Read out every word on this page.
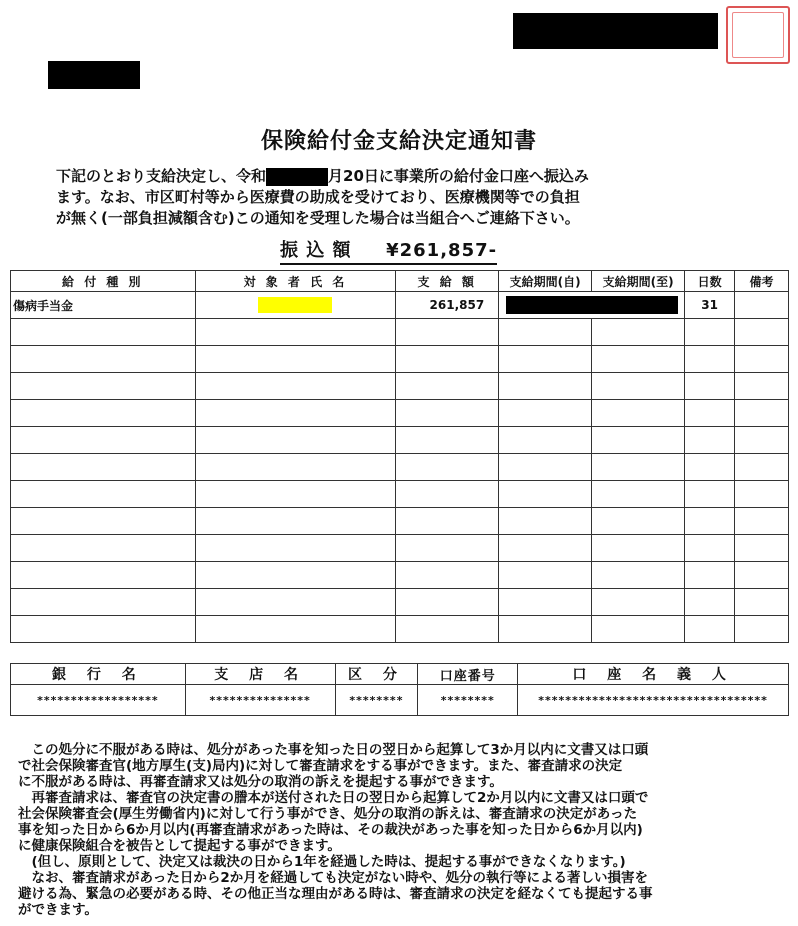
保険給付金支給決定通知書
下記のとおり支給決定し、令和	月20日に事業所の給付金口座へ振込み
ます。なお、市区町村等から医療費の助成を受けており、医療機関等での負担
が無く(一部負担減額含む)この通知を受理した場合は当組合へご連絡下さい。
振 込 額 ¥261,857-
給 付 種 別	対 象 者 氏 名	支 給 額	支給期間(自)	支給期間(至)	日数	備考
傷病手当金		261,857			31	

銀 行 名	支 店 名	区 分	口座番号	口 座 名 義 人
******************	***************	********	********	**********************************
　この処分に不服がある時は、処分があった事を知った日の翌日から起算して3か月以内に文書又は口頭
で社会保険審査官(地方厚生(支)局内)に対して審査請求をする事ができます。また、審査請求の決定
に不服がある時は、再審査請求又は処分の取消の訴えを提起する事ができます。
　再審査請求は、審査官の決定書の謄本が送付された日の翌日から起算して2か月以内に文書又は口頭で
社会保険審査会(厚生労働省内)に対して行う事ができ、処分の取消の訴えは、審査請求の決定があった
事を知った日から6か月以内(再審査請求があった時は、その裁決があった事を知った日から6か月以内)
に健康保険組合を被告として提起する事ができます。
　(但し、原則として、決定又は裁決の日から1年を経過した時は、提起する事ができなくなります。)
　なお、審査請求があった日から2か月を経過しても決定がない時や、処分の執行等による著しい損害を
避ける為、緊急の必要がある時、その他正当な理由がある時は、審査請求の決定を経なくても提起する事
ができます。
